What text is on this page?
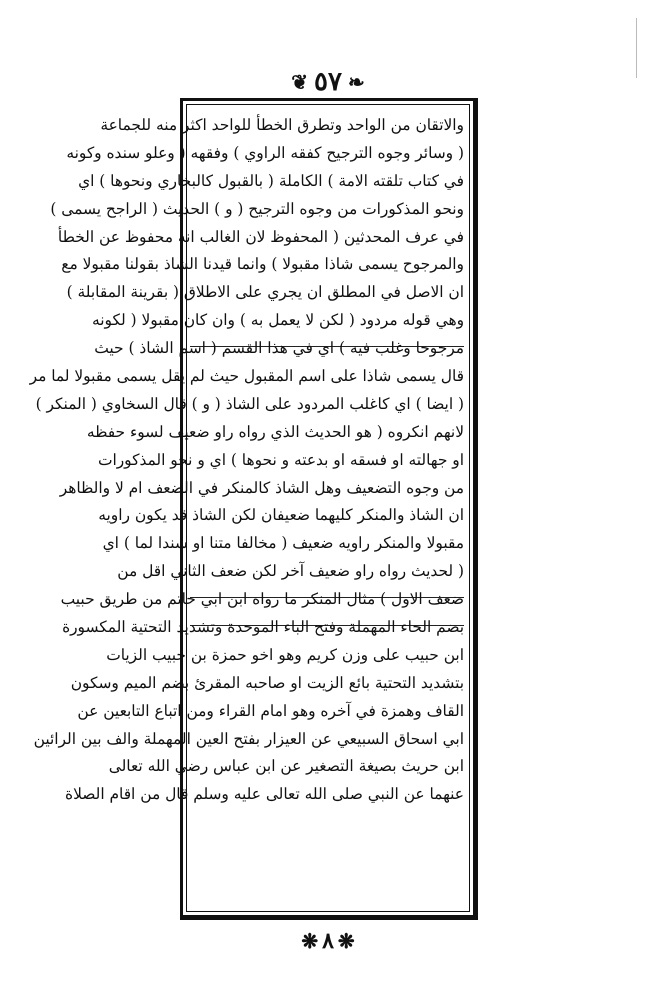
❧
٥٧
❦
والاتقان من الواحد وتطرق الخطأ للواحد اكثر منه للجماعة
( وسائر وجوه الترجيح كفقه الراوي ) وفقهه ( وعلو سنده وكونه
في كتاب تلقته الامة ) الكاملة ( بالقبول كالبخاري ونحوها ) اي
ونحو المذكورات من وجوه الترجيح ( و ) الحديث ( الراجح يسمى )
في عرف المحدثين ( المحفوظ لان الغالب انه محفوظ عن الخطأ
والمرجوح يسمى شاذا مقبولا ) وانما قيدنا الشاذ بقولنا مقبولا مع
ان الاصل في المطلق ان يجري على الاطلاق ( بقرينة المقابلة )
وهي قوله مردود ( لكن لا يعمل به ) وان كان مقبولا ( لكونه
مرجوحا وغلب فيه ) اي في هذا القسم ( اسم الشاذ ) حيث
قال يسمى شاذا على اسم المقبول حيث لم يقل يسمى مقبولا لما مر
( ايضا ) اي كاغلب المردود على الشاذ ( و ) قال السخاوي ( المنكر )
لانهم انكروه ( هو الحديث الذي رواه راو ضعيف لسوء حفظه
او جهالته او فسقه او بدعته و نحوها ) اي و نحو المذكورات
من وجوه التضعيف وهل الشاذ كالمنكر في الضعف ام لا والظاهر
ان الشاذ والمنكر كليهما ضعيفان لكن الشاذ قد يكون راويه
مقبولا والمنكر راويه ضعيف ( مخالفا متنا او سندا لما ) اي
( لحديث رواه راو ضعيف آخر لكن ضعف الثاني اقل من
ضعف الاول ) مثال المنكر ما رواه ابن ابي حاتم من طريق حبيب
بضم الحاء المهملة وفتح الباء الموحدة وتشديد التحتية المكسورة
ابن حبيب على وزن كريم وهو اخو حمزة بن حبيب الزيات
بتشديد التحتية بائع الزيت او صاحبه المقرئ بضم الميم وسكون
القاف وهمزة في آخره وهو امام القراء ومن اتباع التابعين عن
ابي اسحاق السبيعي عن العيزار بفتح العين المهملة والف بين الرائين
ابن حريث بصيغة التصغير عن ابن عباس رضي الله تعالى
عنهما عن النبي صلى الله تعالى عليه وسلم قال من اقام الصلاة
❋
٨
❋
